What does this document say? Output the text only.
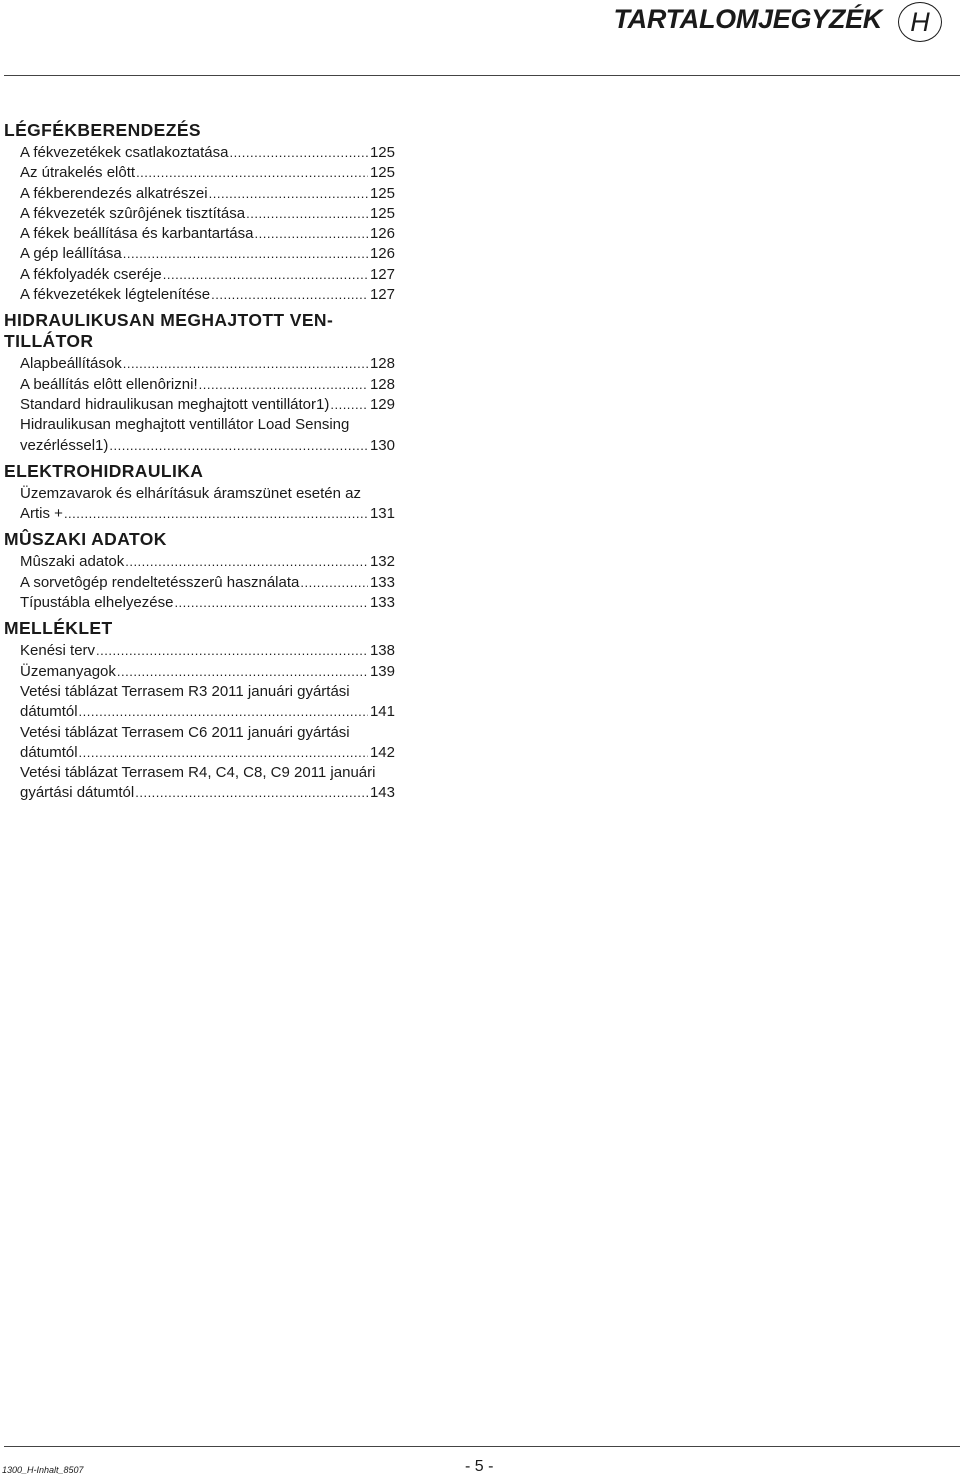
TARTALOMJEGYZÉK	H
LÉGFÉKBERENDEZÉS
A fékvezetékek csatlakoztatása .....	125
Az útrakelés elôtt .....	125
A fékberendezés alkatrészei .....	125
A fékvezeték szûrôjének tisztítása .....	125
A fékek beállítása és karbantartása .....	126
A gép leállítása .....	126
A fékfolyadék cseréje .....	127
A fékvezetékek légtelenítése .....	127
HIDRAULIKUSAN MEGHAJTOTT VEN-
TILLÁTOR
Alapbeállítások .....	128
A beállítás elôtt ellenôrizni! .....	128
Standard hidraulikusan meghajtott ventillátor1) .....	129
Hidraulikusan meghajtott ventillátor Load Sensing
vezérléssel1) .....	130
ELEKTROHIDRAULIKA
Üzemzavarok és elhárításuk áramszünet esetén az
Artis + .....	131
MÛSZAKI ADATOK
Mûszaki adatok .....	132
A sorvetôgép rendeltetésszerû használata .....	133
Típustábla elhelyezése .....	133
MELLÉKLET
Kenési terv .....	138
Üzemanyagok .....	139
Vetési táblázat Terrasem R3 2011 januári gyártási
dátumtól .....	141
Vetési táblázat Terrasem C6 2011 januári gyártási
dátumtól .....	142
Vetési táblázat Terrasem R4, C4, C8, C9 2011 januári
gyártási dátumtól .....	143
1300_H-Inhalt_8507	- 5 -
